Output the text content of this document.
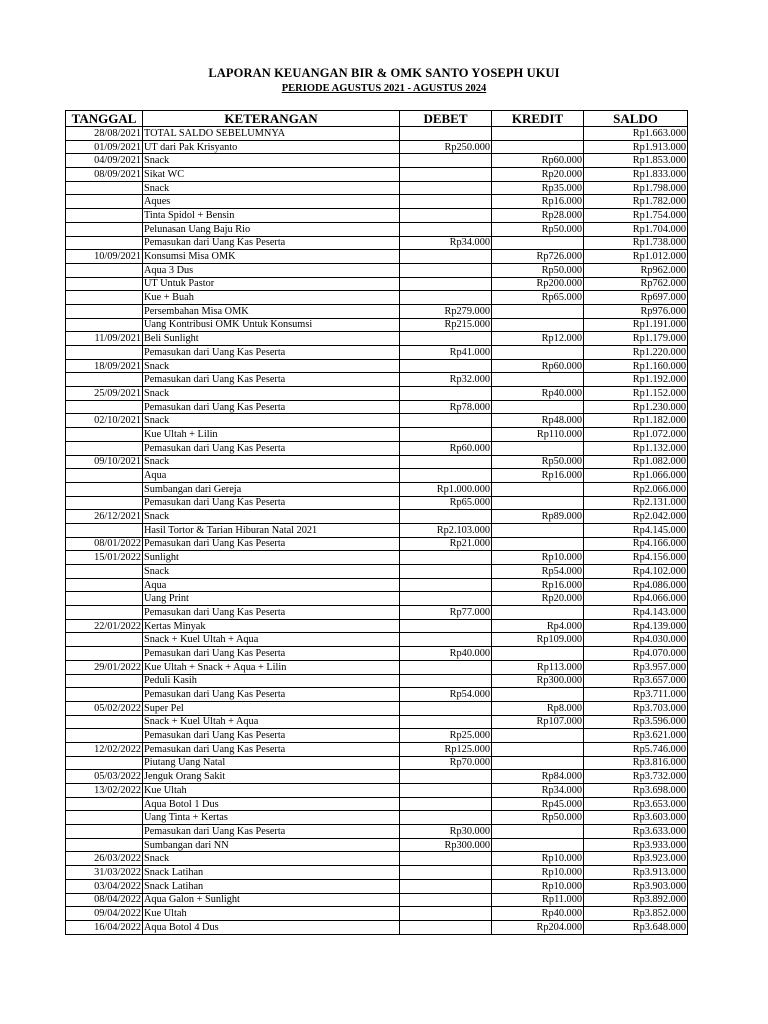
LAPORAN KEUANGAN BIR & OMK SANTO YOSEPH UKUI
PERIODE AGUSTUS 2021 - AGUSTUS 2024
TANGGAL	KETERANGAN	DEBET	KREDIT	SALDO
28/08/2021	TOTAL SALDO SEBELUMNYA			Rp1.663.000
01/09/2021	UT dari Pak Krisyanto	Rp250.000		Rp1.913.000
04/09/2021	Snack		Rp60.000	Rp1.853.000
08/09/2021	Sikat WC		Rp20.000	Rp1.833.000
	Snack		Rp35.000	Rp1.798.000
	Aques		Rp16.000	Rp1.782.000
	Tinta Spidol + Bensin		Rp28.000	Rp1.754.000
	Pelunasan Uang Baju Rio		Rp50.000	Rp1.704.000
	Pemasukan dari Uang Kas Peserta	Rp34.000		Rp1.738.000
10/09/2021	Konsumsi Misa OMK		Rp726.000	Rp1.012.000
	Aqua 3 Dus		Rp50.000	Rp962.000
	UT Untuk Pastor		Rp200.000	Rp762.000
	Kue + Buah		Rp65.000	Rp697.000
	Persembahan Misa OMK	Rp279.000		Rp976.000
	Uang Kontribusi OMK Untuk Konsumsi	Rp215.000		Rp1.191.000
11/09/2021	Beli Sunlight		Rp12.000	Rp1.179.000
	Pemasukan dari Uang Kas Peserta	Rp41.000		Rp1.220.000
18/09/2021	Snack		Rp60.000	Rp1.160.000
	Pemasukan dari Uang Kas Peserta	Rp32.000		Rp1.192.000
25/09/2021	Snack		Rp40.000	Rp1.152.000
	Pemasukan dari Uang Kas Peserta	Rp78.000		Rp1.230.000
02/10/2021	Snack		Rp48.000	Rp1.182.000
	Kue Ultah + Lilin		Rp110.000	Rp1.072.000
	Pemasukan dari Uang Kas Peserta	Rp60.000		Rp1.132.000
09/10/2021	Snack		Rp50.000	Rp1.082.000
	Aqua		Rp16.000	Rp1.066.000
	Sumbangan dari Gereja	Rp1.000.000		Rp2.066.000
	Pemasukan dari Uang Kas Peserta	Rp65.000		Rp2.131.000
26/12/2021	Snack		Rp89.000	Rp2.042.000
	Hasil Tortor & Tarian Hiburan Natal 2021	Rp2.103.000		Rp4.145.000
08/01/2022	Pemasukan dari Uang Kas Peserta	Rp21.000		Rp4.166.000
15/01/2022	Sunlight		Rp10.000	Rp4.156.000
	Snack		Rp54.000	Rp4.102.000
	Aqua		Rp16.000	Rp4.086.000
	Uang Print		Rp20.000	Rp4.066.000
	Pemasukan dari Uang Kas Peserta	Rp77.000		Rp4.143.000
22/01/2022	Kertas Minyak		Rp4.000	Rp4.139.000
	Snack + Kuel Ultah + Aqua		Rp109.000	Rp4.030.000
	Pemasukan dari Uang Kas Peserta	Rp40.000		Rp4.070.000
29/01/2022	Kue Ultah + Snack + Aqua + Lilin		Rp113.000	Rp3.957.000
	Peduli Kasih		Rp300.000	Rp3.657.000
	Pemasukan dari Uang Kas Peserta	Rp54.000		Rp3.711.000
05/02/2022	Super Pel		Rp8.000	Rp3.703.000
	Snack + Kuel Ultah + Aqua		Rp107.000	Rp3.596.000
	Pemasukan dari Uang Kas Peserta	Rp25.000		Rp3.621.000
12/02/2022	Pemasukan dari Uang Kas Peserta	Rp125.000		Rp5.746.000
	Piutang Uang Natal	Rp70.000		Rp3.816.000
05/03/2022	Jenguk Orang Sakit		Rp84.000	Rp3.732.000
13/02/2022	Kue Ultah		Rp34.000	Rp3.698.000
	Aqua Botol 1 Dus		Rp45.000	Rp3.653.000
	Uang Tinta + Kertas		Rp50.000	Rp3.603.000
	Pemasukan dari Uang Kas Peserta	Rp30.000		Rp3.633.000
	Sumbangan dari NN	Rp300.000		Rp3.933.000
26/03/2022	Snack		Rp10.000	Rp3.923.000
31/03/2022	Snack Latihan		Rp10.000	Rp3.913.000
03/04/2022	Snack Latihan		Rp10.000	Rp3.903.000
08/04/2022	Aqua Galon + Sunlight		Rp11.000	Rp3.892.000
09/04/2022	Kue Ultah		Rp40.000	Rp3.852.000
16/04/2022	Aqua Botol 4 Dus		Rp204.000	Rp3.648.000
